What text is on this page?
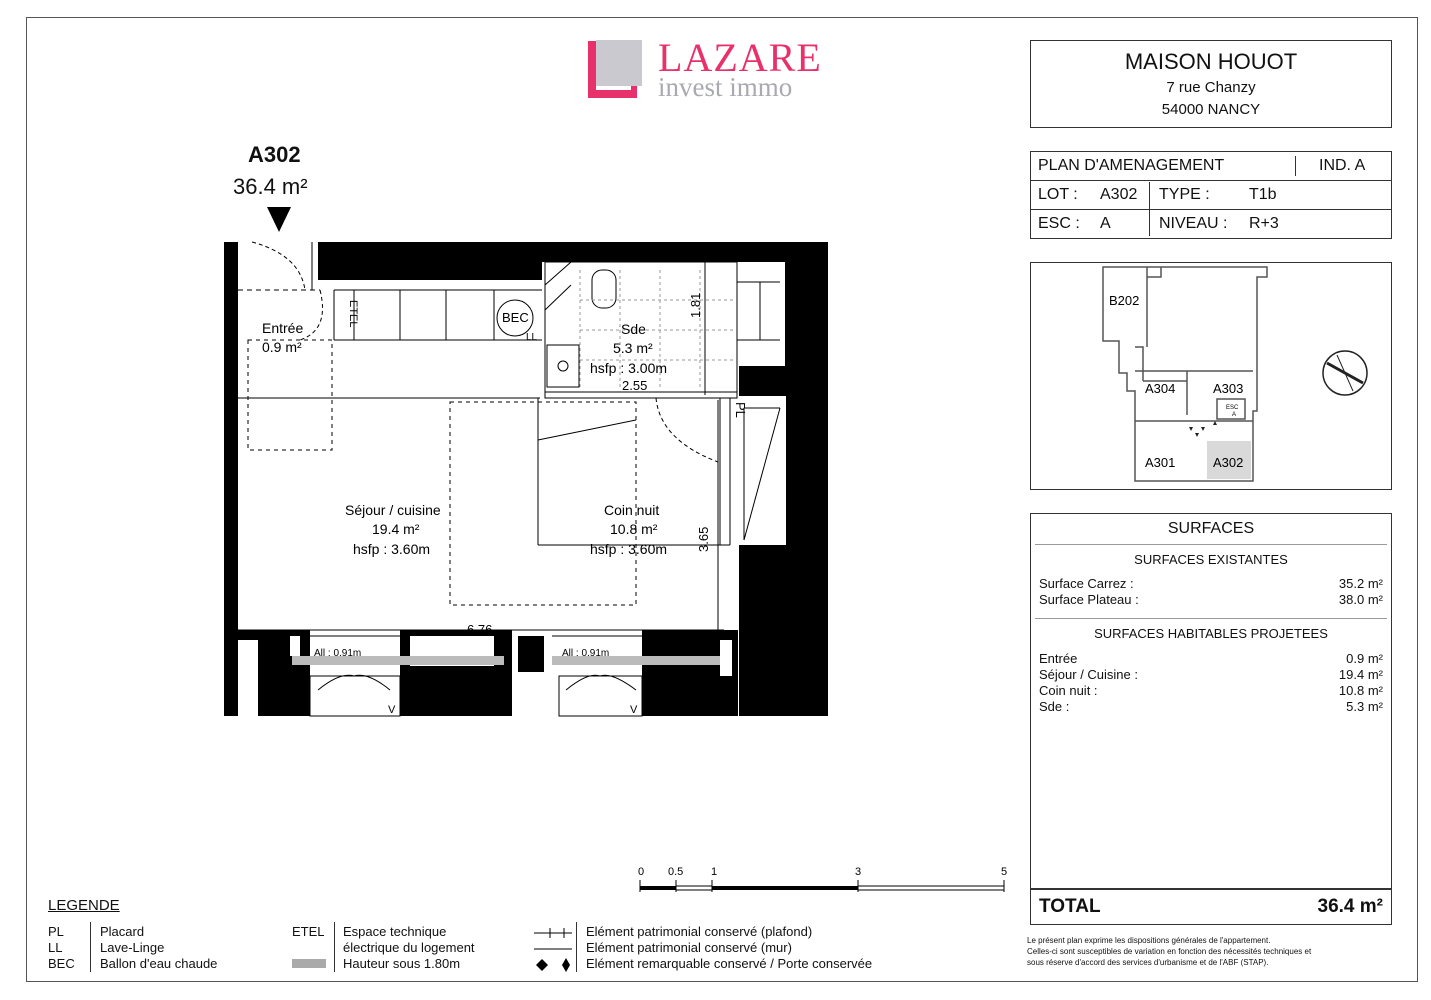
LAZARE
invest immo
MAISON HOUOT
7 rue Chanzy
54000 NANCY
PLAN D'AMENAGEMENT	IND. A
LOT : A302 TYPE : T1b
ESC : A	NIVEAU : R+3
B202
A304	A303
ESC
A
A301	A302
SURFACES
SURFACES EXISTANTES
Surface Carrez :	35.2 m²
Surface Plateau :	38.0 m²
SURFACES HABITABLES PROJETEES
Entrée	0.9 m²
Séjour / Cuisine :	19.4 m²
Coin nuit :	10.8 m²
Sde :	5.3 m²
TOTAL	36.4 m²
Le présent plan exprime les dispositions générales de l'appartement.
Celles-ci sont susceptibles de variation en fonction des nécessités techniques et
sous réserve d'accord des services d'urbanisme et de l'ABF (STAP).
A302
36.4 m²
Entrée
0.9 m²
Sde
5.3 m²
hsfp : 3.00m
Séjour / cuisine
19.4 m²
hsfp : 3.60m
Coin nuit
10.8 m²
hsfp : 3.60m
BEC
LL
ETEL
PL
1.81
2.55
3.65
6.76
1.80m
All : 0.91m	All : 0.91m
V	V
0 0.5	1	3	5
LEGENDE
PL	Placard
LL	Lave-Linge
BEC Ballon d'eau chaude
ETEL Espace technique
électrique du logement
Hauteur sous 1.80m
Elément patrimonial conservé (plafond)
Elément patrimonial conservé (mur)
Elément remarquable conservé / Porte conservée
